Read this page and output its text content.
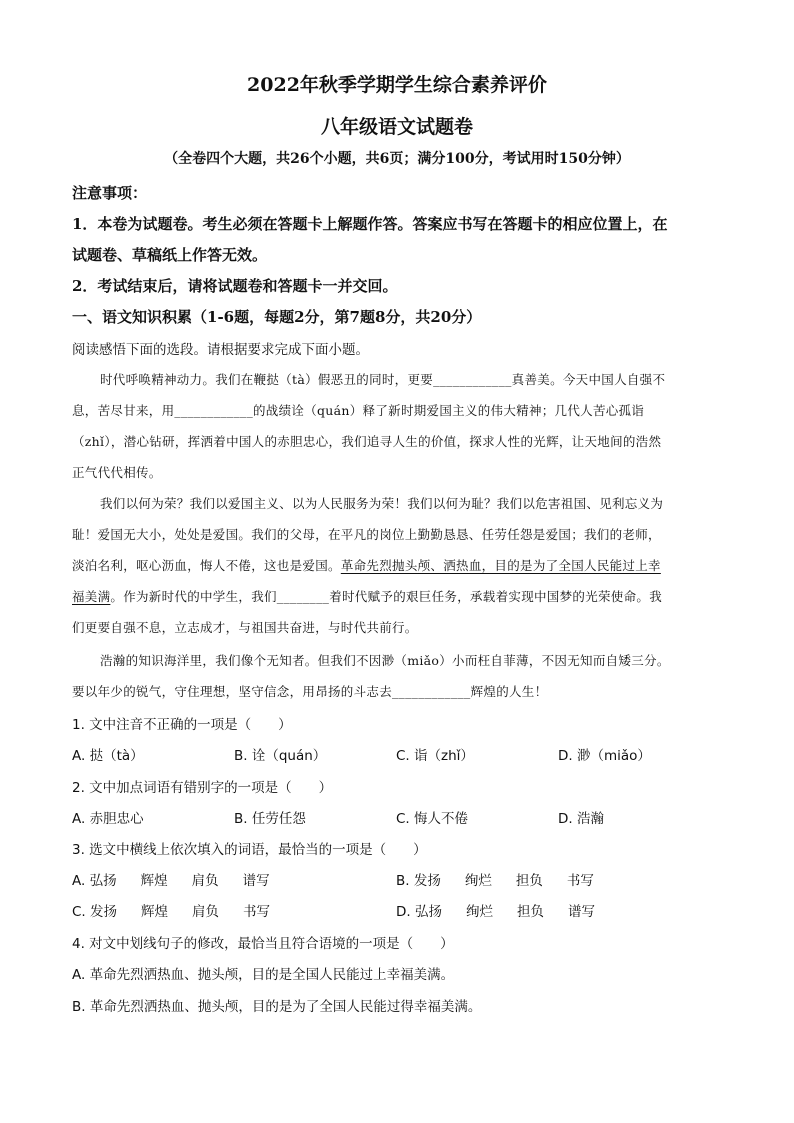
2022年秋季学期学生综合素养评价
八年级语文试题卷
（全卷四个大题，共26个小题，共6页；满分100分，考试用时150分钟）
注意事项：
1．本卷为试题卷。考生必须在答题卡上解题作答。答案应书写在答题卡的相应位置上，在
试题卷、草稿纸上作答无效。
2．考试结束后，请将试题卷和答题卡一并交回。
一、语文知识积累（1-6题，每题2分，第7题8分，共20分）
阅读感悟下面的选段。请根据要求完成下面小题。
时代呼唤精神动力。我们在鞭挞（tà）假恶丑的同时，更要____________真善美。今天中国人自强不
息，苦尽甘来，用____________的战绩诠（quán）释了新时期爱国主义的伟大精神；几代人苦心孤诣
（zhǐ），潜心钻研，挥洒着中国人的赤胆忠心，我们追寻人生的价值，探求人性的光辉，让天地间的浩然
正气代代相传。
我们以何为荣？我们以爱国主义、以为人民服务为荣！我们以何为耻？我们以危害祖国、见利忘义为
耻！爱国无大小，处处是爱国。我们的父母，在平凡的岗位上勤勤恳恳、任劳任怨是爱国；我们的老师，
淡泊名利，呕心沥血，悔人不倦，这也是爱国。革命先烈抛头颅、洒热血，目的是为了全国人民能过上幸
福美满。作为新时代的中学生，我们________着时代赋予的艰巨任务，承载着实现中国梦的光荣使命。我
们更要自强不息，立志成才，与祖国共奋进，与时代共前行。
浩瀚的知识海洋里，我们像个无知者。但我们不因渺（miǎo）小而枉自菲薄，不因无知而自矮三分。
要以年少的锐气，守住理想，坚守信念，用昂扬的斗志去____________辉煌的人生！
1. 文中注音不正确的一项是（　　）
A. 挞（tà）	B. 诠（quán）	C. 诣（zhǐ）	D. 渺（miǎo）
2. 文中加点词语有错别字的一项是（　　）
A. 赤胆忠心	B. 任劳任怨	C. 悔人不倦	D. 浩瀚
3. 选文中横线上依次填入的词语，最恰当的一项是（　　）
A. 弘扬 辉煌 肩负 谱写	B. 发扬 绚烂 担负 书写
C. 发扬 辉煌 肩负 书写	D. 弘扬 绚烂 担负 谱写
4. 对文中划线句子的修改，最恰当且符合语境的一项是（　　）
A. 革命先烈洒热血、抛头颅，目的是全国人民能过上幸福美满。
B. 革命先烈洒热血、抛头颅，目的是为了全国人民能过得幸福美满。
